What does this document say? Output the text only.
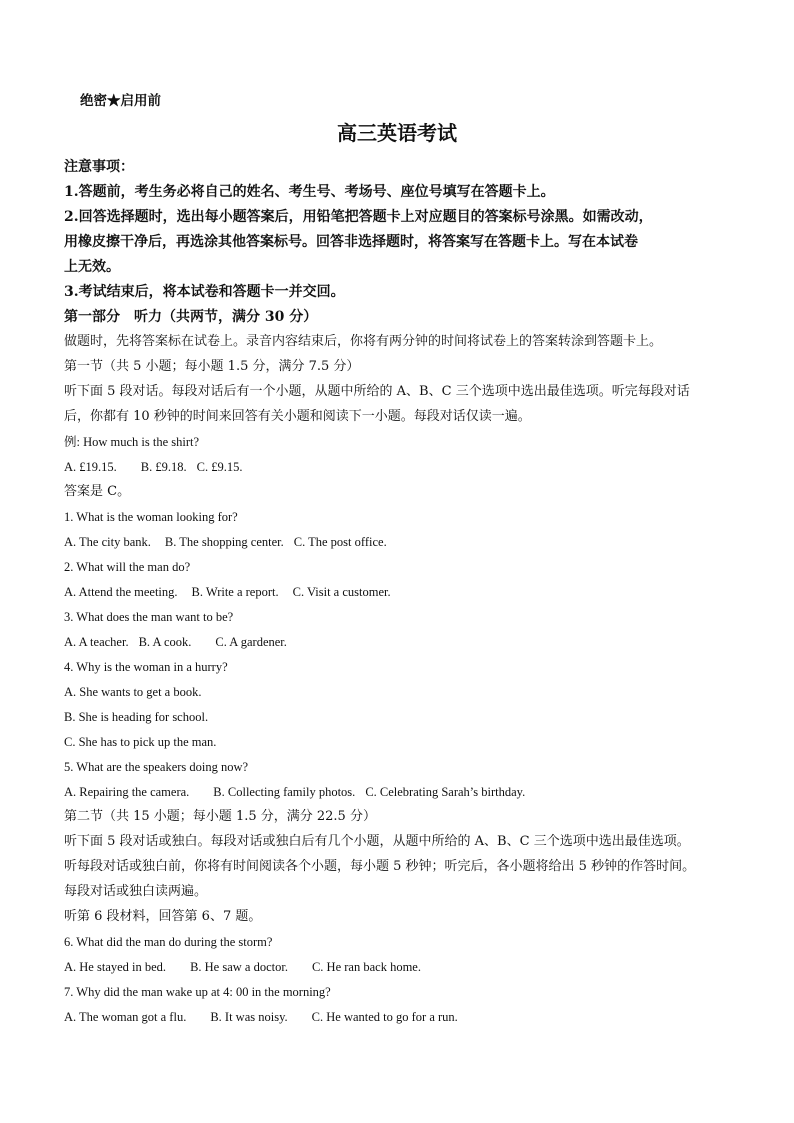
绝密★启用前
高三英语考试
注意事项：
1.答题前，考生务必将自己的姓名、考生号、考场号、座位号填写在答题卡上。
2.回答选择题时，选出每小题答案后，用铅笔把答题卡上对应题目的答案标号涂黑。如需改动，
用橡皮擦干净后，再选涂其他答案标号。回答非选择题时，将答案写在答题卡上。写在本试卷
上无效。
3.考试结束后，将本试卷和答题卡一并交回。
第一部分　听力（共两节，满分 30 分）
做题时，先将答案标在试卷上。录音内容结束后，你将有两分钟的时间将试卷上的答案转涂到答题卡上。
第一节（共 5 小题；每小题 1.5 分，满分 7.5 分）
听下面 5 段对话。每段对话后有一个小题，从题中所给的 A、B、C 三个选项中选出最佳选项。听完每段对话
后，你都有 10 秒钟的时间来回答有关小题和阅读下一小题。每段对话仅读一遍。
例: How much is the shirt?
A. £19.15. B. £9.18. C. £9.15.
答案是 C。
1. What is the woman looking for?
A. The city bank. B. The shopping center. C. The post office.
2. What will the man do?
A. Attend the meeting. B. Write a report. C. Visit a customer.
3. What does the man want to be?
A. A teacher. B. A cook. C. A gardener.
4. Why is the woman in a hurry?
A. She wants to get a book.
B. She is heading for school.
C. She has to pick up the man.
5. What are the speakers doing now?
A. Repairing the camera. B. Collecting family photos. C. Celebrating Sarah’s birthday.
第二节（共 15 小题；每小题 1.5 分，满分 22.5 分）
听下面 5 段对话或独白。每段对话或独白后有几个小题，从题中所给的 A、B、C 三个选项中选出最佳选项。
听每段对话或独白前，你将有时间阅读各个小题，每小题 5 秒钟；听完后，各小题将给出 5 秒钟的作答时间。
每段对话或独白读两遍。
听第 6 段材料，回答第 6、7 题。
6. What did the man do during the storm?
A. He stayed in bed. B. He saw a doctor. C. He ran back home.
7. Why did the man wake up at 4: 00 in the morning?
A. The woman got a flu. B. It was noisy. C. He wanted to go for a run.
